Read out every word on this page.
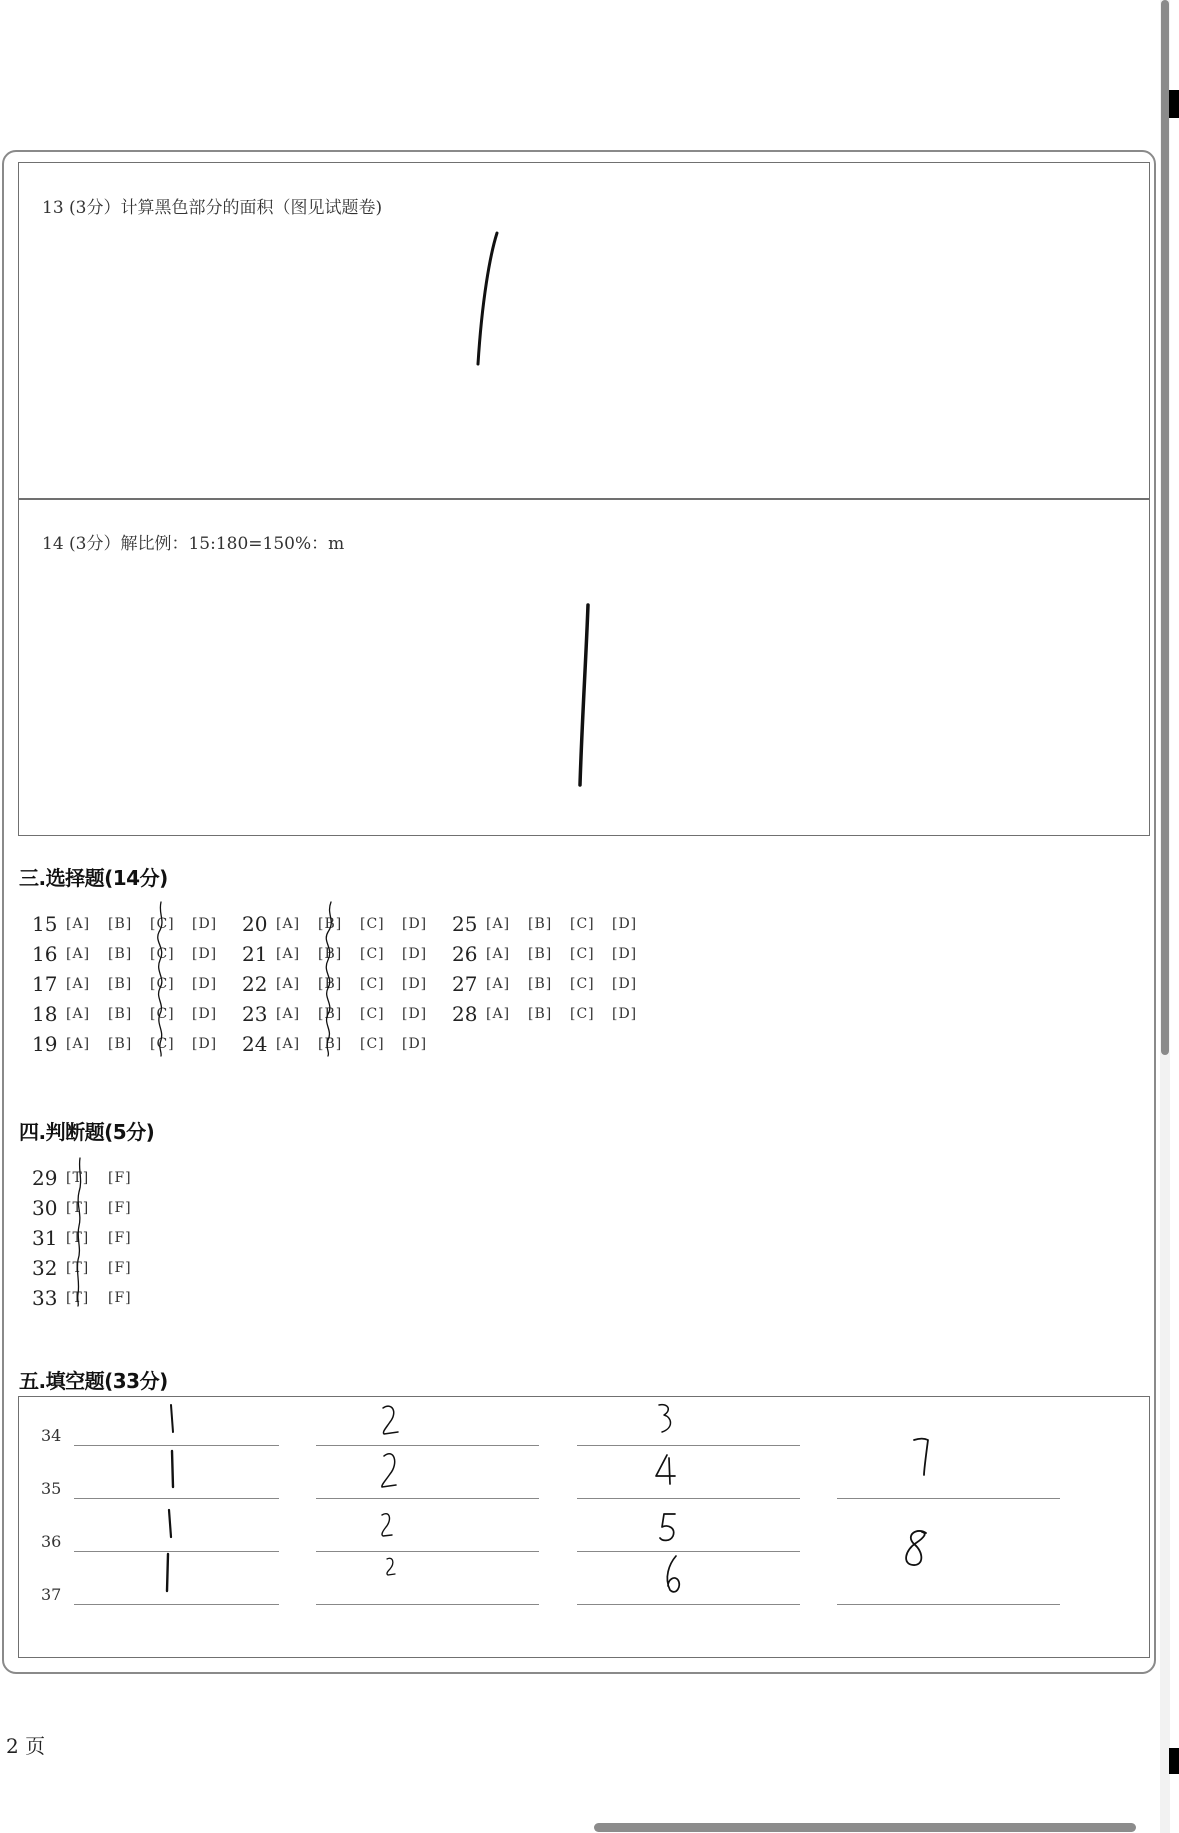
13 (3分）计算黑色部分的面积（图见试题卷)
14 (3分）解比例：15:180=150%：m
三.选择题(14分)
15 [A] [B] [C] [D]
16 [A] [B] [C] [D]
17 [A] [B] [C] [D]
18 [A] [B] [C] [D]
19 [A] [B] [C] [D]
20 [A] [B] [C] [D]
21 [A] [B] [C] [D]
22 [A] [B] [C] [D]
23 [A] [B] [C] [D]
24 [A] [B] [C] [D]
25 [A] [B] [C] [D]
26 [A] [B] [C] [D]
27 [A] [B] [C] [D]
28 [A] [B] [C] [D]
四.判断题(5分)
29 [T] [F]
30 [T] [F]
31 [T] [F]
32 [T] [F]
33 [T] [F]
五.填空题(33分)
34
35
36
37
2 页
